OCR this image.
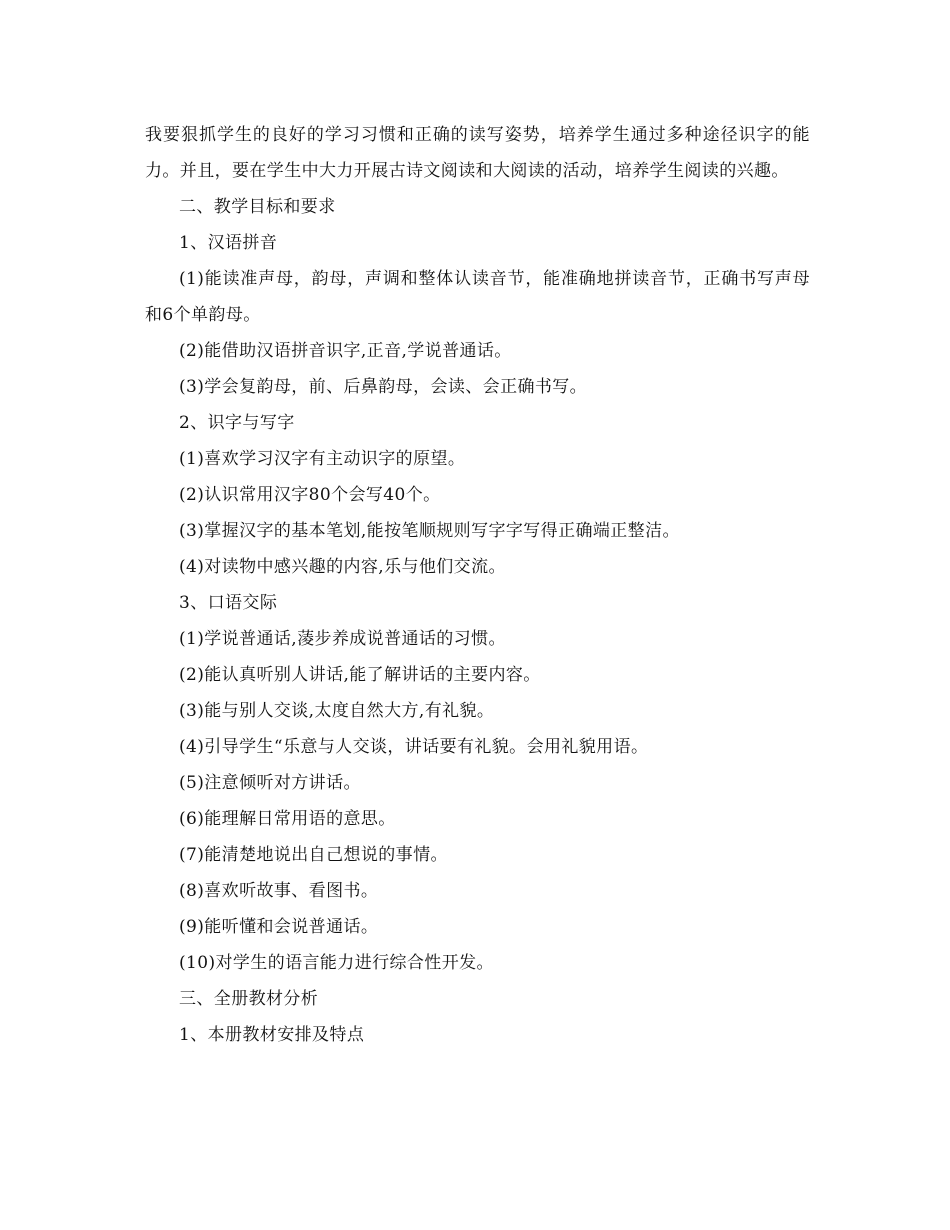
我要狠抓学生的良好的学习习惯和正确的读写姿势，培养学生通过多种途径识字的能力。并且，要在学生中大力开展古诗文阅读和大阅读的活动，培养学生阅读的兴趣。

二、教学目标和要求

1、汉语拼音

(1)能读准声母，韵母，声调和整体认读音节，能准确地拼读音节，正确书写声母和6个单韵母。

(2)能借助汉语拼音识字,正音,学说普通话。

(3)学会复韵母，前、后鼻韵母，会读、会正确书写。

2、识字与写字

(1)喜欢学习汉字有主动识字的原望。

(2)认识常用汉字80个会写40个。

(3)掌握汉字的基本笔划,能按笔顺规则写字字写得正确端正整洁。

(4)对读物中感兴趣的内容,乐与他们交流。

3、口语交际

(1)学说普通话,蓤步养成说普通话的习惯。

(2)能认真听别人讲话,能了解讲话的主要内容。

(3)能与别人交谈,太度自然大方,有礼貌。

(4)引导学生“乐意与人交谈，讲话要有礼貌。会用礼貌用语。

(5)注意倾听对方讲话。

(6)能理解日常用语的意思。

(7)能清楚地说出自己想说的事情。

(8)喜欢听故事、看图书。

(9)能听懂和会说普通话。

(10)对学生的语言能力进行综合性开发。

三、全册教材分析

1、本册教材安排及特点
